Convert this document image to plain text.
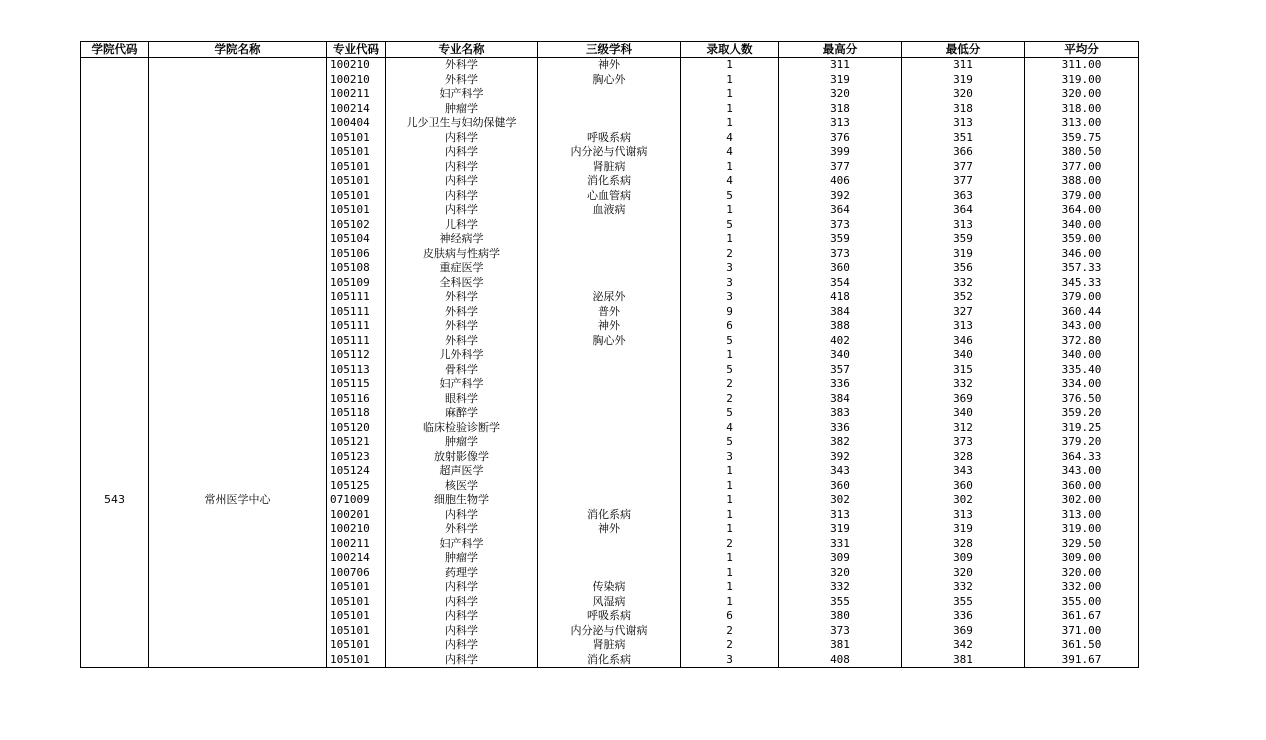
学院代码	学院名称	专业代码	专业名称	三级学科	录取人数	最高分	最低分	平均分
		100210	外科学	神外	1	311	311	311.00
		100210	外科学	胸心外	1	319	319	319.00
		100211	妇产科学		1	320	320	320.00
		100214	肿瘤学		1	318	318	318.00
		100404	儿少卫生与妇幼保健学		1	313	313	313.00
		105101	内科学	呼吸系病	4	376	351	359.75
		105101	内科学	内分泌与代谢病	4	399	366	380.50
		105101	内科学	肾脏病	1	377	377	377.00
		105101	内科学	消化系病	4	406	377	388.00
		105101	内科学	心血管病	5	392	363	379.00
		105101	内科学	血液病	1	364	364	364.00
		105102	儿科学		5	373	313	340.00
		105104	神经病学		1	359	359	359.00
		105106	皮肤病与性病学		2	373	319	346.00
		105108	重症医学		3	360	356	357.33
		105109	全科医学		3	354	332	345.33
		105111	外科学	泌尿外	3	418	352	379.00
		105111	外科学	普外	9	384	327	360.44
		105111	外科学	神外	6	388	313	343.00
		105111	外科学	胸心外	5	402	346	372.80
		105112	儿外科学		1	340	340	340.00
		105113	骨科学		5	357	315	335.40
		105115	妇产科学		2	336	332	334.00
		105116	眼科学		2	384	369	376.50
		105118	麻醉学		5	383	340	359.20
		105120	临床检验诊断学		4	336	312	319.25
		105121	肿瘤学		5	382	373	379.20
		105123	放射影像学		3	392	328	364.33
		105124	超声医学		1	343	343	343.00
		105125	核医学		1	360	360	360.00
543	常州医学中心	071009	细胞生物学		1	302	302	302.00
		100201	内科学	消化系病	1	313	313	313.00
		100210	外科学	神外	1	319	319	319.00
		100211	妇产科学		2	331	328	329.50
		100214	肿瘤学		1	309	309	309.00
		100706	药理学		1	320	320	320.00
		105101	内科学	传染病	1	332	332	332.00
		105101	内科学	风湿病	1	355	355	355.00
		105101	内科学	呼吸系病	6	380	336	361.67
		105101	内科学	内分泌与代谢病	2	373	369	371.00
		105101	内科学	肾脏病	2	381	342	361.50
		105101	内科学	消化系病	3	408	381	391.67
